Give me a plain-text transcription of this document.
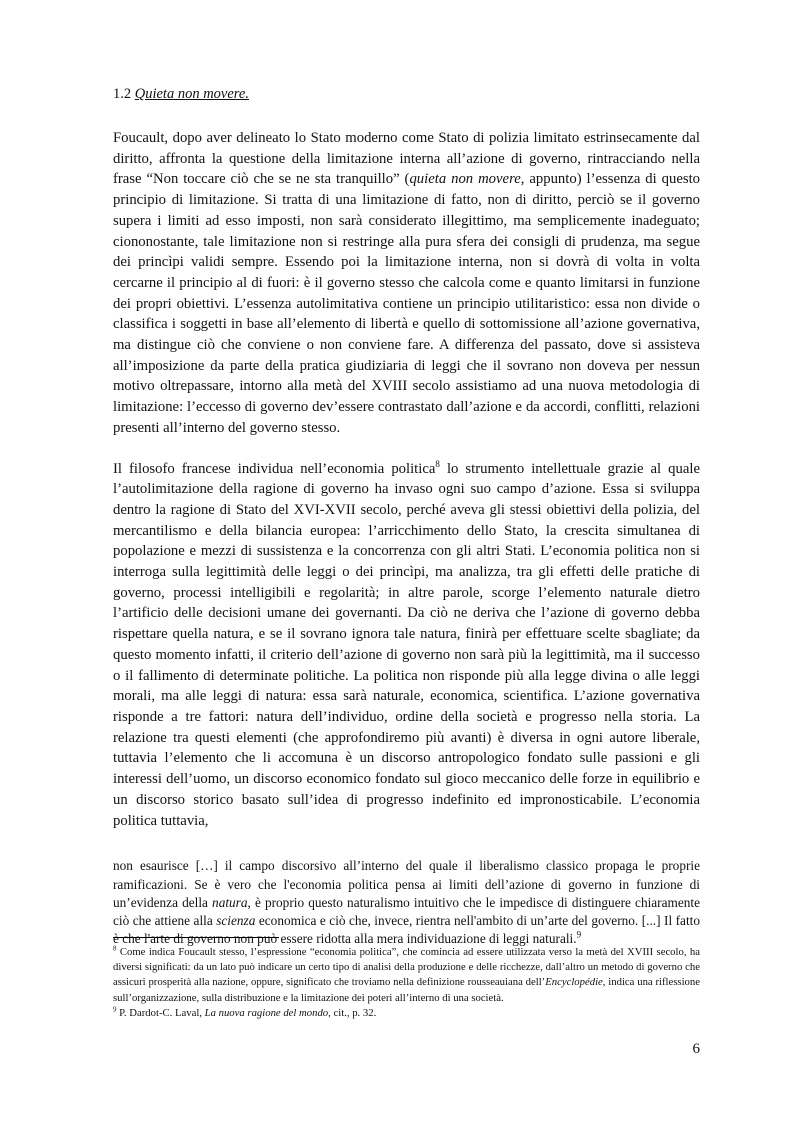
1.2 Quieta non movere.

Foucault, dopo aver delineato lo Stato moderno come Stato di polizia limitato estrinsecamente dal diritto, affronta la questione della limitazione interna all’azione di governo, rintracciando nella frase “Non toccare ciò che se ne sta tranquillo” (quieta non movere, appunto) l’essenza di questo principio di limitazione. Si tratta di una limitazione di fatto, non di diritto, perciò se il governo supera i limiti ad esso imposti, non sarà considerato illegittimo, ma semplicemente inadeguato; ciononostante, tale limitazione non si restringe alla pura sfera dei consigli di prudenza, ma segue dei princìpi validi sempre. Essendo poi la limitazione interna, non si dovrà di volta in volta cercarne il principio al di fuori: è il governo stesso che calcola come e quanto limitarsi in funzione dei propri obiettivi. L’essenza autolimitativa contiene un principio utilitaristico: essa non divide o classifica i soggetti in base all’elemento di libertà e quello di sottomissione all’azione governativa, ma distingue ciò che conviene o non conviene fare. A differenza del passato, dove si assisteva all’imposizione da parte della pratica giudiziaria di leggi che il sovrano non doveva per nessun motivo oltrepassare, intorno alla metà del XVIII secolo assistiamo ad una nuova metodologia di limitazione: l’eccesso di governo dev’essere contrastato dall’azione e da accordi, conflitti, relazioni presenti all’interno del governo stesso.

Il filosofo francese individua nell’economia politica$^8$ lo strumento intellettuale grazie al quale l’autolimitazione della ragione di governo ha invaso ogni suo campo d’azione. Essa si sviluppa dentro la ragione di Stato del XVI-XVII secolo, perché aveva gli stessi obiettivi della polizia, del mercantilismo e della bilancia europea: l’arricchimento dello Stato, la crescita simultanea di popolazione e mezzi di sussistenza e la concorrenza con gli altri Stati. L’economia politica non si interroga sulla legittimità delle leggi o dei princìpi, ma analizza, tra gli effetti delle pratiche di governo, processi intelligibili e regolarità; in altre parole, scorge l’elemento naturale dietro l’artificio delle decisioni umane dei governanti. Da ciò ne deriva che l’azione di governo debba rispettare quella natura, e se il sovrano ignora tale natura, finirà per effettuare scelte sbagliate; da questo momento infatti, il criterio dell’azione di governo non sarà più la legittimità, ma il successo o il fallimento di determinate politiche. La politica non risponde più alla legge divina o alle leggi morali, ma alle leggi di natura: essa sarà naturale, economica, scientifica. L’azione governativa risponde a tre fattori: natura dell’individuo, ordine della società e progresso nella storia. La relazione tra questi elementi (che approfondiremo più avanti) è diversa in ogni autore liberale, tuttavia l’elemento che li accomuna è un discorso antropologico fondato sulle passioni e gli interessi dell’uomo, un discorso economico fondato sul gioco meccanico delle forze in equilibrio e un discorso storico basato sull’idea di progresso indefinito ed impronosticabile. L’economia politica tuttavia,

non esaurisce […] il campo discorsivo all’interno del quale il liberalismo classico propaga le proprie ramificazioni. Se è vero che l'economia politica pensa ai limiti dell’azione di governo in funzione di un’evidenza della natura, è proprio questo naturalismo intuitivo che le impedisce di distinguere chiaramente ciò che attiene alla scienza economica e ciò che, invece, rientra nell'ambito di un’arte del governo. [...] Il fatto è che l'arte di governo non può essere ridotta alla mera individuazione di leggi naturali.$^9$

$^8$ Come indica Foucault stesso, l’espressione “economia politica”, che comincia ad essere utilizzata verso la metà del XVIII secolo, ha diversi significati: da un lato può indicare un certo tipo di analisi della produzione e delle ricchezze, dall’altro un metodo di governo che assicuri prosperità alla nazione, oppure, significato che troviamo nella definizione rousseauiana dell’Encyclopédie, indica una riflessione sull’organizzazione, sulla distribuzione e la limitazione dei poteri all’interno di una società.

$^9$ P. Dardot-C. Laval, La nuova ragione del mondo, cit., p. 32.

6
